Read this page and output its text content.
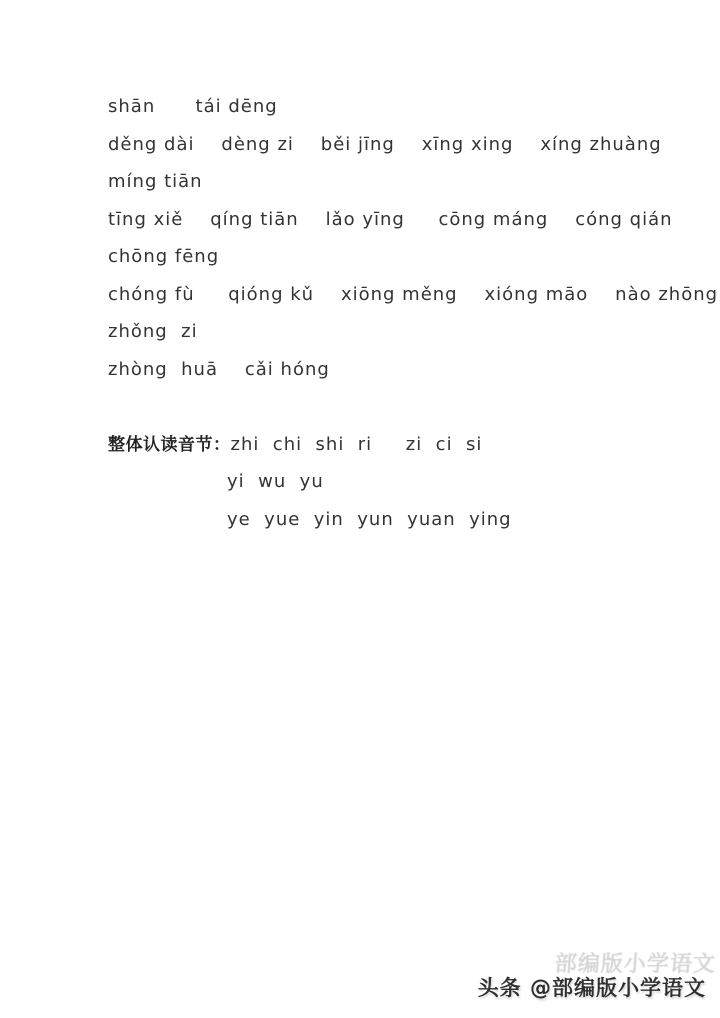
shān      tái dēng
děng dài    dèng zi    běi jīng    xīng xing    xíng zhuàng
míng tiān
tīng xiě    qíng tiān    lǎo yīng     cōng máng    cóng qián
chōng fēng
chóng fù     qióng kǔ    xiōng měng    xióng māo    nào zhōng
zhǒng  zi
zhòng  huā    cǎi hóng
整体认读音节：zhi  chi  shi  ri     zi  ci  si
yi  wu  yu
ye  yue  yin  yun  yuan  ying
部编版小学语文
头条 @部编版小学语文
